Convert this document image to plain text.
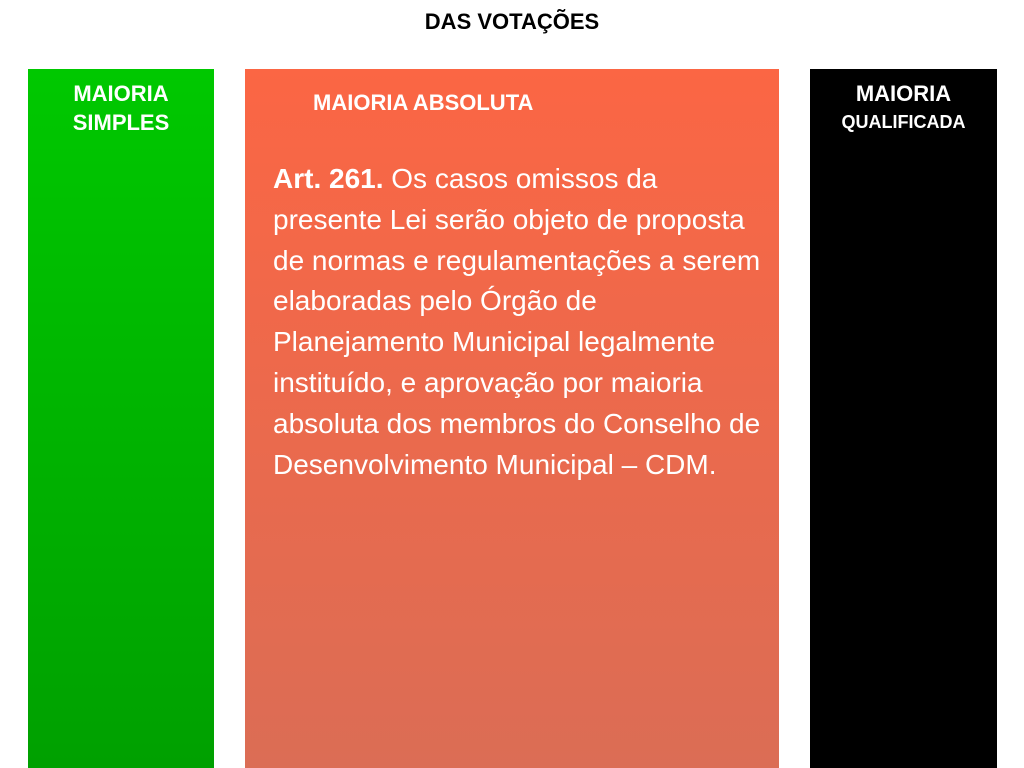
DAS VOTAÇÕES
MAIORIA
SIMPLES
MAIORIA ABSOLUTA
Art. 261. Os casos omissos da presente Lei serão objeto de proposta de normas e regulamentações a serem elaboradas pelo Órgão de Planejamento Municipal legalmente instituído, e aprovação por maioria absoluta dos membros do Conselho de Desenvolvimento Municipal – CDM.
MAIORIA
QUALIFICADA
